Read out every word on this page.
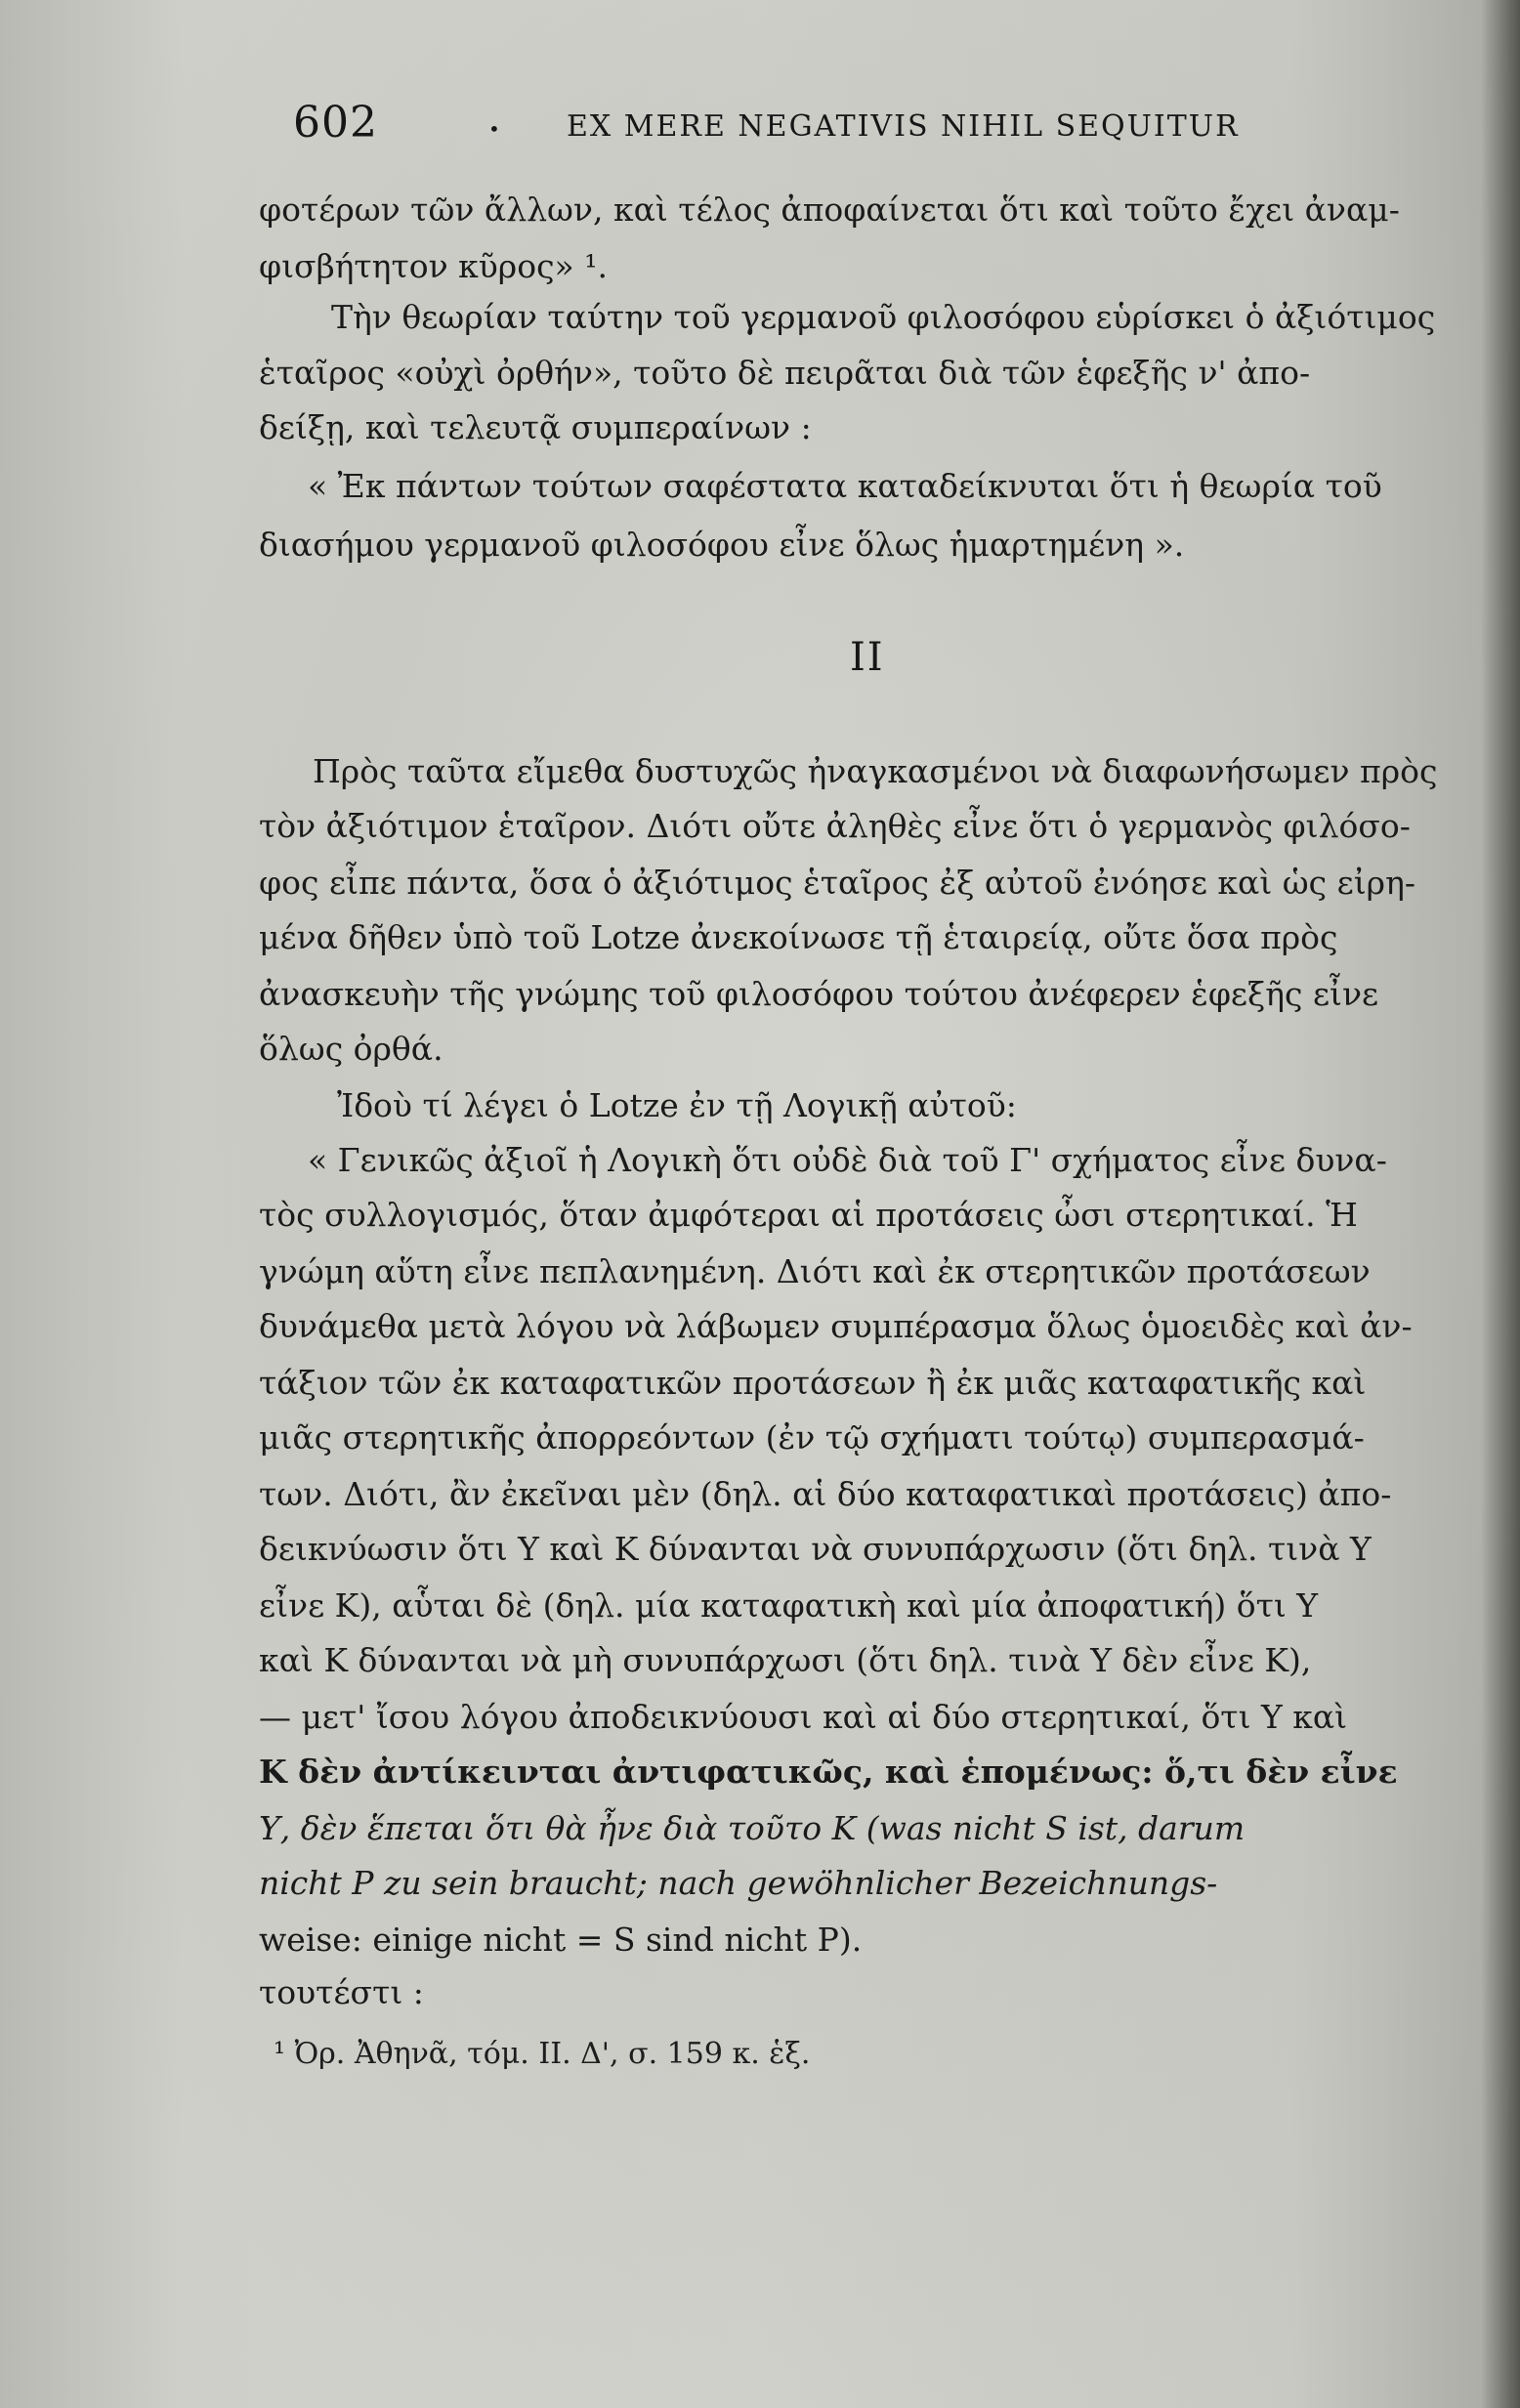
602	• EX MERE NEGATIVIS NIHIL SEQUITUR
φοτέρων τῶν ἄλλων, καὶ τέλος ἀποφαίνεται ὅτι καὶ τοῦτο ἔχει ἀναμ-
φισβήτητον κῦρος» ¹.
Τὴν θεωρίαν ταύτην τοῦ γερμανοῦ φιλοσόφου εὑρίσκει ὁ ἀξιότιμος
ἑταῖρος «οὐχὶ ὀρθήν», τοῦτο δὲ πειρᾶται διὰ τῶν ἑφεξῆς ν' ἀπο-
δείξῃ, καὶ τελευτᾷ συμπεραίνων :
« Ἐκ πάντων τούτων σαφέστατα καταδείκνυται ὅτι ἡ θεωρία τοῦ
διασήμου γερμανοῦ φιλοσόφου εἶνε ὅλως ἡμαρτημένη ».
Πρὸς ταῦτα εἴμεθα δυστυχῶς ἠναγκασμένοι νὰ διαφωνήσωμεν πρὸς
τὸν ἀξιότιμον ἑταῖρον. Διότι οὔτε ἀληθὲς εἶνε ὅτι ὁ γερμανὸς φιλόσο-
φος εἶπε πάντα, ὅσα ὁ ἀξιότιμος ἑταῖρος ἐξ αὐτοῦ ἐνόησε καὶ ὡς εἰρη-
μένα δῆθεν ὑπὸ τοῦ Lotze ἀνεκοίνωσε τῇ ἑταιρείᾳ, οὔτε ὅσα πρὸς
ἀνασκευὴν τῆς γνώμης τοῦ φιλοσόφου τούτου ἀνέφερεν ἑφεξῆς εἶνε
ὅλως ὀρθά.
Ἰδοὺ τί λέγει ὁ Lotze ἐν τῇ Λογικῇ αὐτοῦ:
« Γενικῶς ἀξιοῖ ἡ Λογικὴ ὅτι οὐδὲ διὰ τοῦ Γ' σχήματος εἶνε δυνα-
τὸς συλλογισμός, ὅταν ἀμφότεραι αἱ προτάσεις ὦσι στερητικαί. Ἡ
γνώμη αὕτη εἶνε πεπλανημένη. Διότι καὶ ἐκ στερητικῶν προτάσεων
δυνάμεθα μετὰ λόγου νὰ λάβωμεν συμπέρασμα ὅλως ὁμοειδὲς καὶ ἀν-
τάξιον τῶν ἐκ καταφατικῶν προτάσεων ἢ ἐκ μιᾶς καταφατικῆς καὶ
μιᾶς στερητικῆς ἀπορρεόντων (ἐν τῷ σχήματι τούτῳ) συμπερασμά-
των. Διότι, ἂν ἐκεῖναι μὲν (δηλ. αἱ δύο καταφατικαὶ προτάσεις) ἀπο-
δεικνύωσιν ὅτι Υ καὶ Κ δύνανται νὰ συνυπάρχωσιν (ὅτι δηλ. τινὰ Υ
εἶνε Κ), αὗται δὲ (δηλ. μία καταφατικὴ καὶ μία ἀποφατική) ὅτι Υ
καὶ Κ δύνανται νὰ μὴ συνυπάρχωσι (ὅτι δηλ. τινὰ Υ δὲν εἶνε Κ),
— μετ' ἴσου λόγου ἀποδεικνύουσι καὶ αἱ δύο στερητικαί, ὅτι Υ καὶ
Κ δὲν ἀντίκεινται ἀντιφατικῶς, καὶ ἑπομένως: ὅ,τι δὲν εἶνε
Υ, δὲν ἕπεται ὅτι θὰ ἦνε διὰ τοῦτο Κ (was nicht S ist, darum
nicht P zu sein braucht; nach gewöhnlicher Bezeichnungs-
weise: einige nicht = S sind nicht P).
τουτέστι :
II
¹ Ὀρ. Ἀθηνᾶ, τόμ. II. Δ', σ. 159 κ. ἑξ.
